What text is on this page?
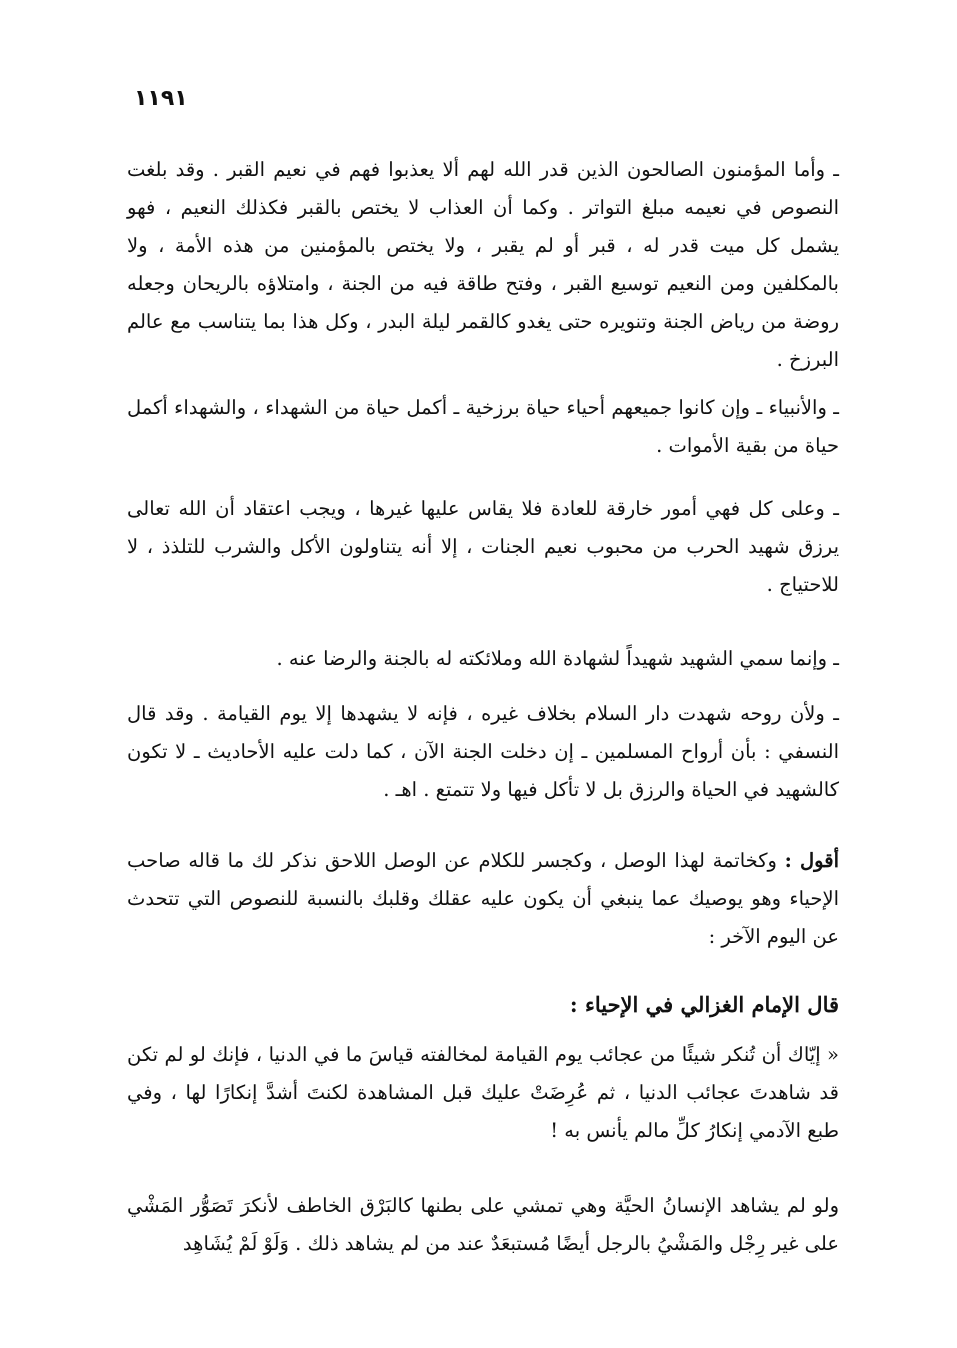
١١٩١

ـ وأما المؤمنون الصالحون الذين قدر الله لهم ألا يعذبوا فهم في نعيم القبر . وقد بلغت النصوص في نعيمه مبلغ التواتر . وكما أن العذاب لا يختص بالقبر فكذلك النعيم ، فهو يشمل كل ميت قدر له ، قبر أو لم يقبر ، ولا يختص بالمؤمنين من هذه الأمة ، ولا بالمكلفين ومن النعيم توسيع القبر ، وفتح طاقة فيه من الجنة ، وامتلاؤه بالريحان وجعله روضة من رياض الجنة وتنويره حتى يغدو كالقمر ليلة البدر ، وكل هذا بما يتناسب مع عالم البرزخ .

ـ والأنبياء ـ وإن كانوا جميعهم أحياء حياة برزخية ـ أكمل حياة من الشهداء ، والشهداء أكمل حياة من بقية الأموات .

ـ وعلى كل فهي أمور خارقة للعادة فلا يقاس عليها غيرها ، ويجب اعتقاد أن الله تعالى يرزق شهيد الحرب من محبوب نعيم الجنات ، إلا أنه يتناولون الأكل والشرب للتلذذ ، لا للاحتياج .

ـ وإنما سمي الشهيد شهيداً لشهادة الله وملائكته له بالجنة والرضا عنه .

ـ ولأن روحه شهدت دار السلام بخلاف غيره ، فإنه لا يشهدها إلا يوم القيامة . وقد قال النسفي : بأن أرواح المسلمين ـ إن دخلت الجنة الآن ، كما دلت عليه الأحاديث ـ لا تكون كالشهيد في الحياة والرزق بل لا تأكل فيها ولا تتمتع . اهـ .

أقول : وكخاتمة لهذا الوصل ، وكجسر للكلام عن الوصل اللاحق نذكر لك ما قاله صاحب الإحياء وهو يوصيك عما ينبغي أن يكون عليه عقلك وقلبك بالنسبة للنصوص التي تتحدث عن اليوم الآخر :

قال الإمام الغزالي في الإحياء :

« إيّاك أن تُنكر شيئًا من عجائب يوم القيامة لمخالفته قياسَ ما في الدنيا ، فإنك لو لم تكن قد شاهدتَ عجائب الدنيا ، ثم عُرِضَتْ عليك قبل المشاهدة لكنتَ أشدَّ إنكارًا لها ، وفي طبع الآدمي إنكارُ كلِّ مالم يأنس به !

ولو لم يشاهد الإنسانُ الحيَّة وهي تمشي على بطنها كالبَرْق الخاطف لأنكرَ تَصَوُّر المَشْي على غير رِجْل والمَشْيُ بالرجل أيضًا مُستبعَدٌ عند من لم يشاهد ذلك . وَلَوْ لَمْ يُشَاهِد
